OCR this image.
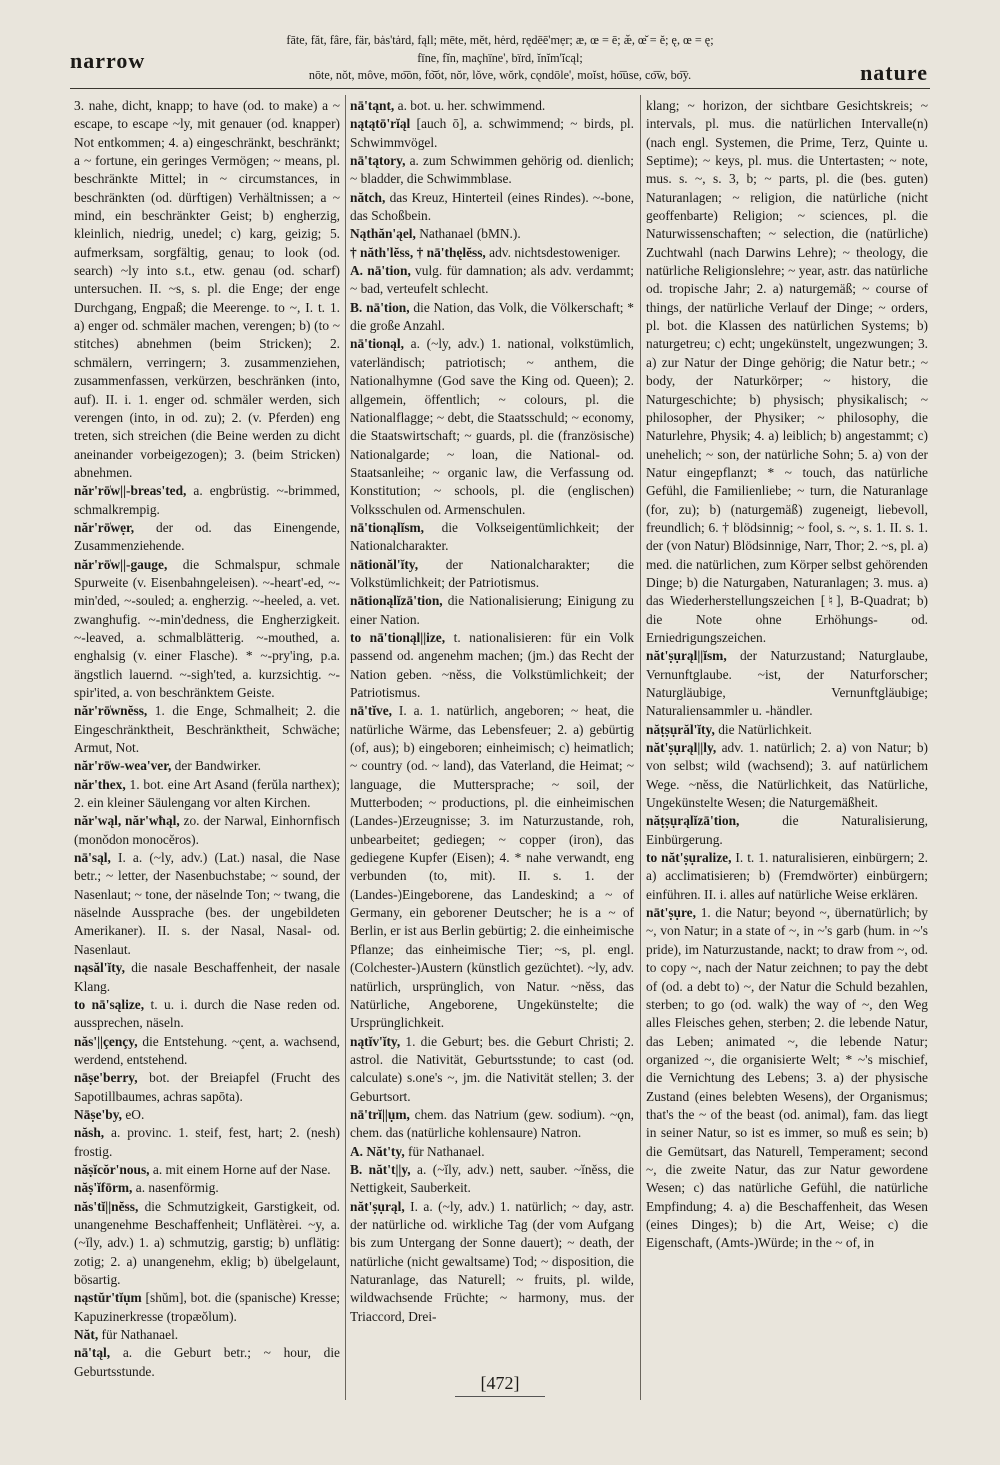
narrow
fāte, făt, fâre, fär, bȧs'tȧrd, fąll; mēte, mĕt, hėrd, rędēē'mẹr; æ, œ = ē; æ̆, œ̆ = ĕ; ę, œ = ę;
fīne, fĭn, maçhïne', bïrd, ĭnĭm'ĭcąl;
nōte, nŏt, môve, mo͞on, fo͝ot, nŏr, lŏve, wŏrk, cǫndōle', moĭst, ho͞use, co͞w, bo͞y.	nature

3. nahe, dicht, knapp; to have (od. to make) a ~ escape, to escape ~ly, mit genauer (od. knapper) Not entkommen; 4. a) eingeschränkt, beschränkt; a ~ fortune, ein geringes Vermögen; ~ means, pl. beschränkte Mittel; in ~ circumstances, in beschränkten (od. dürftigen) Verhältnissen; a ~ mind, ein beschränkter Geist; b) engherzig, kleinlich, niedrig, unedel; c) karg, geizig; 5. aufmerksam, sorgfältig, genau; to look (od. search) ~ly into s.t., etw. genau (od. scharf) untersuchen. II. ~s, s. pl. die Enge; der enge Durchgang, Engpaß; die Meerenge. to ~, I. t. 1. a) enger od. schmäler machen, verengen; b) (to ~ stitches) abnehmen (beim Stricken); 2. schmälern, verringern; 3. zusammenziehen, zusammenfassen, verkürzen, beschränken (into, auf). II. i. 1. enger od. schmäler werden, sich verengen (into, in od. zu); 2. (v. Pferden) eng treten, sich streichen (die Beine werden zu dicht aneinander vorbeigezogen); 3. (beim Stricken) abnehmen.

năr'rō̍w||-breas'ted, a. engbrüstig. ~-brimmed, schmalkrempig.

năr'rō̍wẹr, der od. das Einengende, Zusammenziehende.

năr'rō̍w||-gauge, die Schmalspur, schmale Spurweite (v. Eisenbahngeleisen). ~-heart'-ed, ~-min'ded, ~-souled; a. engherzig. ~-heeled, a. vet. zwanghufig. ~-min'dedness, die Engherzigkeit. ~-leaved, a. schmalblätterig. ~-mouthed, a. enghalsig (v. einer Flasche). * ~-pry'ing, p.a. ängstlich lauernd. ~-sigh'ted, a. kurzsichtig. ~-spir'ited, a. von beschränktem Geiste.

năr'rō̍wnĕss, 1. die Enge, Schmalheit; 2. die Eingeschränktheit, Beschränktheit, Schwäche; Armut, Not.

năr'rō̍w-wea'ver, der Bandwirker.

năr'thex, 1. bot. eine Art Asand (ferŭla narthex); 2. ein kleiner Säulengang vor alten Kirchen.

năr'wąl, năr'wħąl, zo. der Narwal, Einhornfisch (monŏdon monocĕros).

nā'sąl, I. a. (~ly, adv.) (Lat.) nasal, die Nase betr.; ~ letter, der Nasenbuchstabe; ~ sound, der Nasenlaut; ~ tone, der näselnde Ton; ~ twang, die näselnde Aussprache (bes. der ungebildeten Amerikaner). II. s. der Nasal, Nasal- od. Nasenlaut.

nąsăl'ĭty, die nasale Beschaffenheit, der nasale Klang.

to nā'sąlize, t. u. i. durch die Nase reden od. aussprechen, näseln.

năs'||çençy, die Entstehung. ~çent, a. wachsend, werdend, entstehend.

nāṣe'berry, bot. der Breiapfel (Frucht des Sapotillbaumes, achras sapōta).

Nāṣe'by, eO.

năsh, a. provinc. 1. steif, fest, hart; 2. (nesh) frostig.

năṣĭcŏr'nous, a. mit einem Horne auf der Nase.

năṣ'ĭfōrm, a. nasenförmig.

năs'tĭ||nĕss, die Schmutzigkeit, Garstigkeit, od. unangenehme Beschaffenheit; Unflätèrei. ~y, a. (~ĭly, adv.) 1. a) schmutzig, garstig; b) unflätig: zotig; 2. a) unangenehm, eklig; b) übelgelaunt, bösartig.

nąstŭr'tĭụm [shŭm], bot. die (spanische) Kresse; Kapuzinerkresse (tropæŏlum).

Năt, für Nathanael.

nā'tąl, a. die Geburt betr.; ~ hour, die Geburtsstunde.

nā'tąnt, a. bot. u. her. schwimmend.

nątątō'rĭąl [auch ō], a. schwimmend; ~ birds, pl. Schwimmvögel.

nā'tątory, a. zum Schwimmen gehörig od. dienlich; ~ bladder, die Schwimmblase.

nătch, das Kreuz, Hinterteil (eines Rindes). ~-bone, das Schoßbein.

Nąthăn'ąel, Nathanael (bMN.).

† năth'lĕss, † nā'thęlĕss, adv. nichtsdestoweniger.

A. nā'tion, vulg. für damnation; als adv. verdammt; ~ bad, verteufelt schlecht.

B. nā'tion, die Nation, das Volk, die Völkerschaft; * die große Anzahl.

nā'tionąl, a. (~ly, adv.) 1. national, volkstümlich, vaterländisch; patriotisch; ~ anthem, die Nationalhymne (God save the King od. Queen); 2. allgemein, öffentlich; ~ colours, pl. die Nationalflagge; ~ debt, die Staatsschuld; ~ economy, die Staatswirtschaft; ~ guards, pl. die (französische) Nationalgarde; ~ loan, die National- od. Staatsanleihe; ~ organic law, die Verfassung od. Konstitution; ~ schools, pl. die (englischen) Volksschulen od. Armenschulen.

nā'tionąlĭsm, die Volkseigentümlichkeit; der Nationalcharakter.

nātionăl'ĭty, der Nationalcharakter; die Volkstümlichkeit; der Patriotismus.

nātionąlĭzā'tion, die Nationalisierung; Einigung zu einer Nation.

to nā'tionąl||ize, t. nationalisieren: für ein Volk passend od. angenehm machen; (jm.) das Recht der Nation geben. ~nĕss, die Volkstümlichkeit; der Patriotismus.

nā'tĭve, I. a. 1. natürlich, angeboren; ~ heat, die natürliche Wärme, das Lebensfeuer; 2. a) gebürtig (of, aus); b) eingeboren; einheimisch; c) heimatlich; ~ country (od. ~ land), das Vaterland, die Heimat; ~ language, die Muttersprache; ~ soil, der Mutterboden; ~ productions, pl. die einheimischen (Landes-)Erzeugnisse; 3. im Naturzustande, roh, unbearbeitet; gediegen; ~ copper (iron), das gediegene Kupfer (Eisen); 4. * nahe verwandt, eng verbunden (to, mit). II. s. 1. der (Landes-)Eingeborene, das Landeskind; a ~ of Germany, ein geborener Deutscher; he is a ~ of Berlin, er ist aus Berlin gebürtig; 2. die einheimische Pflanze; das einheimische Tier; ~s, pl. engl. (Colchester-)Austern (künstlich gezüchtet). ~ly, adv. natürlich, ursprünglich, von Natur. ~nĕss, das Natürliche, Angeborene, Ungekünstelte; die Ursprünglichkeit.

nątĭv'ĭty, 1. die Geburt; bes. die Geburt Christi; 2. astrol. die Nativität, Geburtsstunde; to cast (od. calculate) s.one's ~, jm. die Nativität stellen; 3. der Geburtsort.

nā'trĭ||ụm, chem. das Natrium (gew. sodium). ~ǫn, chem. das (natürliche kohlensaure) Natron.

A. Năt'ty, für Nathanael.

B. năt't||y, a. (~ĭly, adv.) nett, sauber. ~ĭnĕss, die Nettigkeit, Sauberkeit.

năt'ṣụrąl, I. a. (~ly, adv.) 1. natürlich; ~ day, astr. der natürliche od. wirkliche Tag (der vom Aufgang bis zum Untergang der Sonne dauert); ~ death, der natürliche (nicht gewaltsame) Tod; ~ disposition, die Naturanlage, das Naturell; ~ fruits, pl. wilde, wildwachsende Früchte; ~ harmony, mus. der Triaccord, Drei-

klang; ~ horizon, der sichtbare Gesichtskreis; ~ intervals, pl. mus. die natürlichen Intervalle(n) (nach engl. Systemen, die Prime, Terz, Quinte u. Septime); ~ keys, pl. mus. die Untertasten; ~ note, mus. s. ~, s. 3, b; ~ parts, pl. die (bes. guten) Naturanlagen; ~ religion, die natürliche (nicht geoffenbarte) Religion; ~ sciences, pl. die Naturwissenschaften; ~ selection, die (natürliche) Zuchtwahl (nach Darwins Lehre); ~ theology, die natürliche Religionslehre; ~ year, astr. das natürliche od. tropische Jahr; 2. a) naturgemäß; ~ course of things, der natürliche Verlauf der Dinge; ~ orders, pl. bot. die Klassen des natürlichen Systems; b) naturgetreu; c) echt; ungekünstelt, ungezwungen; 3. a) zur Natur der Dinge gehörig; die Natur betr.; ~ body, der Naturkörper; ~ history, die Naturgeschichte; b) physisch; physikalisch; ~ philosopher, der Physiker; ~ philosophy, die Naturlehre, Physik; 4. a) leiblich; b) angestammt; c) unehelich; ~ son, der natürliche Sohn; 5. a) von der Natur eingepflanzt; * ~ touch, das natürliche Gefühl, die Familienliebe; ~ turn, die Naturanlage (for, zu); b) (naturgemäß) zugeneigt, liebevoll, freundlich; 6. † blödsinnig; ~ fool, s. ~, s. 1. II. s. 1. der (von Natur) Blödsinnige, Narr, Thor; 2. ~s, pl. a) med. die natürlichen, zum Körper selbst gehörenden Dinge; b) die Naturgaben, Naturanlagen; 3. mus. a) das Wiederherstellungszeichen [♮], B-Quadrat; b) die Note ohne Erhöhungs- od. Erniedrigungszeichen.

năt'ṣụrąl||ĭsm, der Naturzustand; Naturglaube, Vernunftglaube. ~ist, der Naturforscher; Naturgläubige, Vernunftgläubige; Naturaliensammler u. -händler.

năṭṣụrăl'ĭty, die Natürlichkeit.

năt'ṣụrąl||ly, adv. 1. natürlich; 2. a) von Natur; b) von selbst; wild (wachsend); 3. auf natürlichem Wege. ~nĕss, die Natürlichkeit, das Natürliche, Ungekünstelte Wesen; die Naturgemäßheit.

năṭṣụrąlĭzā'tion,	die Naturalisierung, Einbürgerung.

to năt'ṣụralize, I. t. 1. naturalisieren, einbürgern; 2. a) acclimatisieren; b) (Fremdwörter) einbürgern; einführen. II. i. alles auf natürliche Weise erklären.

nāt'ṣụre, 1. die Natur; beyond ~, übernatürlich; by ~, von Natur; in a state of ~, in ~'s garb (hum. in ~'s pride), im Naturzustande, nackt; to draw from ~, od. to copy ~, nach der Natur zeichnen; to pay the debt of (od. a debt to) ~, der Natur die Schuld bezahlen, sterben; to go (od. walk) the way of ~, den Weg alles Fleisches gehen, sterben; 2. die lebende Natur, das Leben; animated ~, die lebende Natur; organized ~, die organisierte Welt; * ~'s mischief, die Vernichtung des Lebens; 3. a) der physische Zustand (eines belebten Wesens), der Organismus; that's the ~ of the beast (od. animal), fam. das liegt in seiner Natur, so ist es immer, so muß es sein; b) die Gemütsart, das Naturell, Temperament; second ~, die zweite Natur, das zur Natur gewordene Wesen; c) das natürliche Gefühl, die natürliche Empfindung; 4. a) die Beschaffenheit, das Wesen (eines Dinges); b) die Art, Weise; c) die Eigenschaft, (Amts-)Würde; in the ~ of, in

[472]
